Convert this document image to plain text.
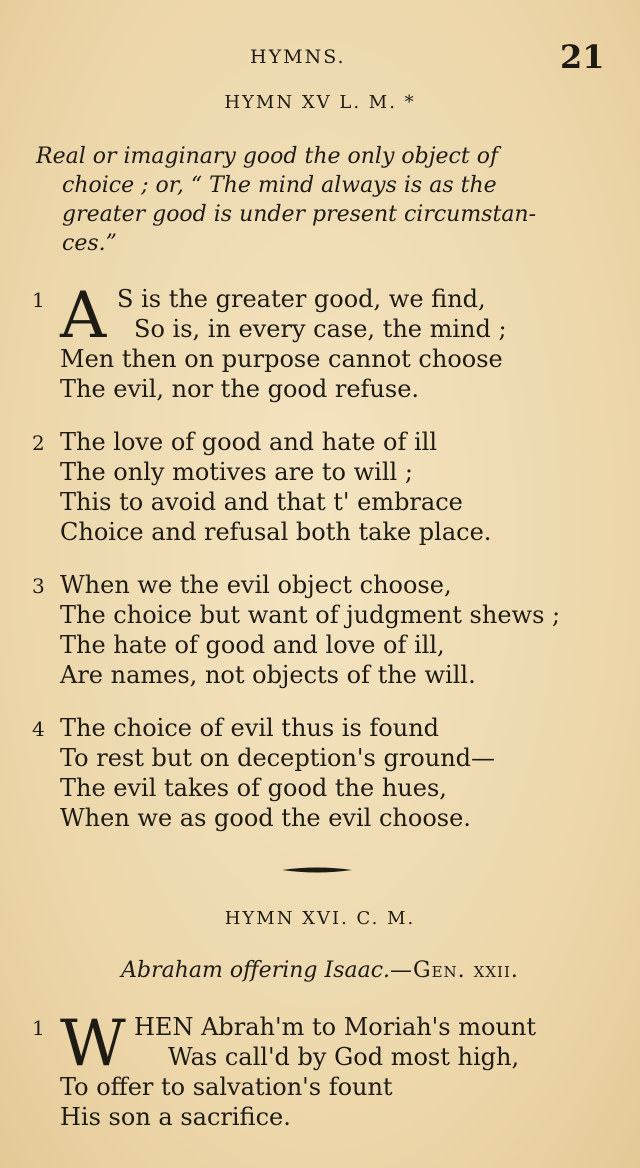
HYMNS.	21
HYMN XV L. M. *
Real or imaginary good the only object of
choice ; or, “ The mind always is as the
greater good is under present circumstan-
ces.”
1 A S is the greater good, we find,
So is, in every case, the mind ;
Men then on purpose cannot choose
The evil, nor the good refuse.
2 The love of good and hate of ill
The only motives are to will ;
This to avoid and that t' embrace
Choice and refusal both take place.
3 When we the evil object choose,
The choice but want of judgment shews ;
The hate of good and love of ill,
Are names, not objects of the will.
4 The choice of evil thus is found
To rest but on deception's ground—
The evil takes of good the hues,
When we as good the evil choose.
HYMN XVI. C. M.
Abraham offering Isaac.—Gen. xxii.
1 W HEN Abrah'm to Moriah's mount
Was call'd by God most high,
To offer to salvation's fount
His son a sacrifice.
